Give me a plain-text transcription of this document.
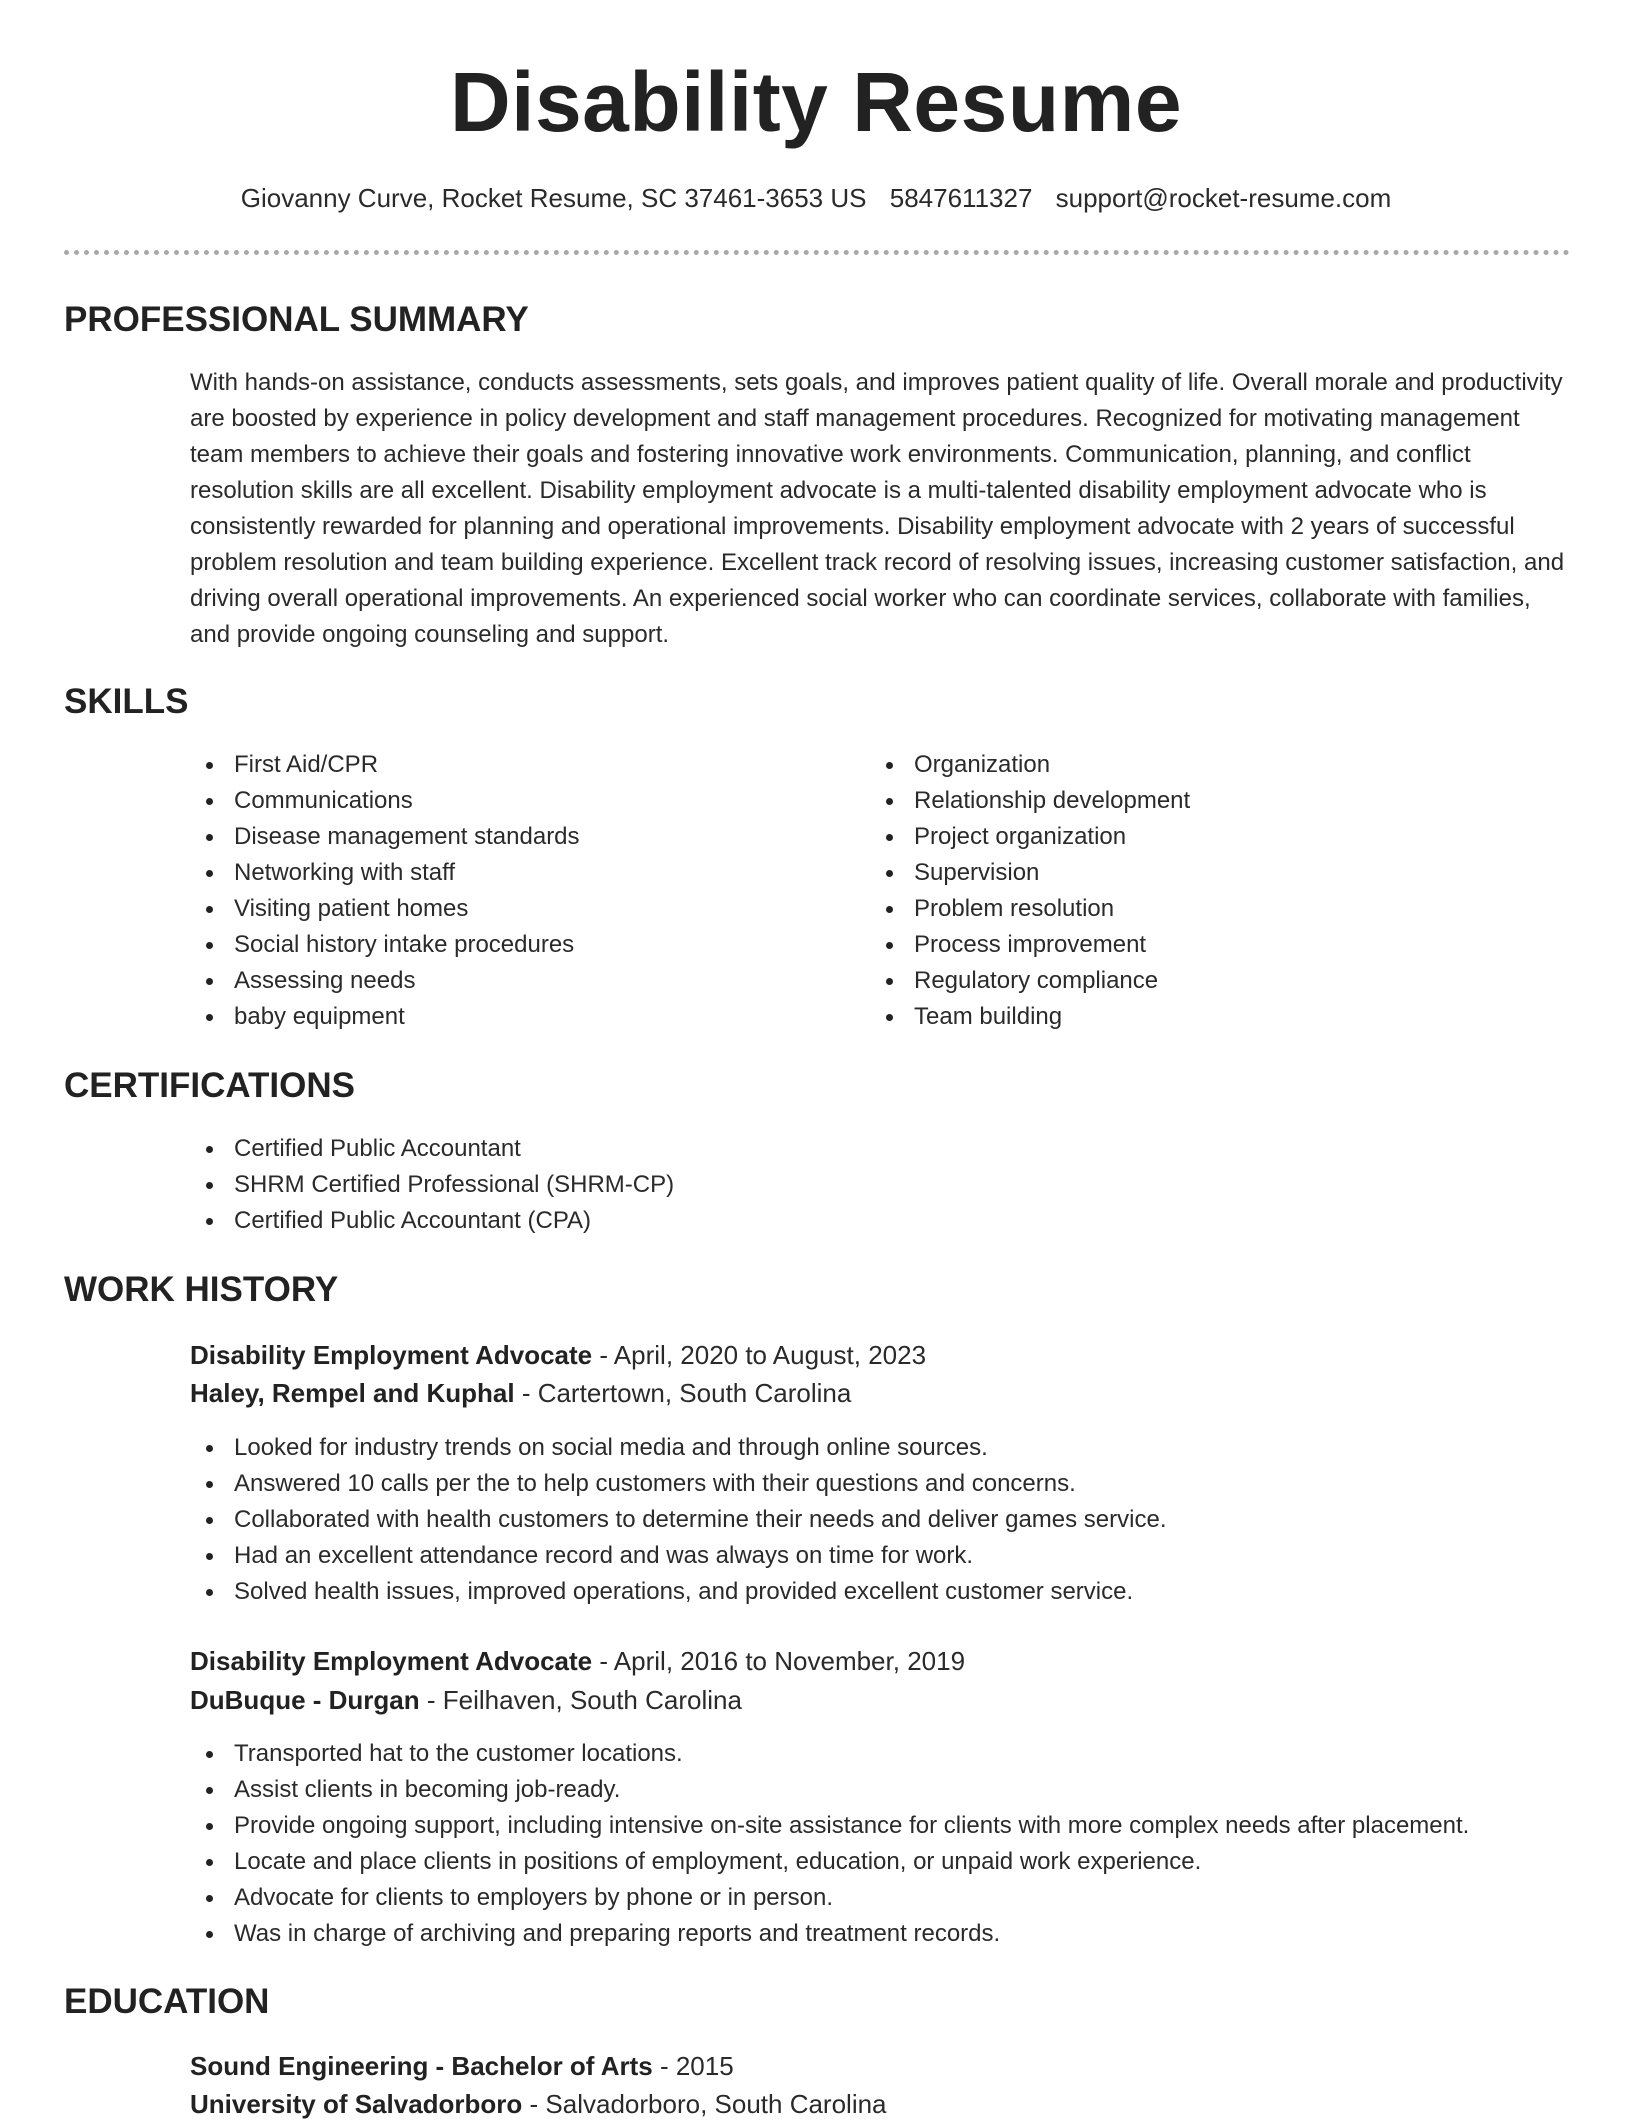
Disability Resume
Giovanny Curve, Rocket Resume, SC 37461-3653 US 5847611327 support@rocket-resume.com
PROFESSIONAL SUMMARY

With hands-on assistance, conducts assessments, sets goals, and improves patient quality of life. Overall morale and productivity are boosted by experience in policy development and staff management procedures. Recognized for motivating management team members to achieve their goals and fostering innovative work environments. Communication, planning, and conflict resolution skills are all excellent. Disability employment advocate is a multi-talented disability employment advocate who is consistently rewarded for planning and operational improvements. Disability employment advocate with 2 years of successful problem resolution and team building experience. Excellent track record of resolving issues, increasing customer satisfaction, and driving overall operational improvements. An experienced social worker who can coordinate services, collaborate with families, and provide ongoing counseling and support.

SKILLS
First Aid/CPR
Communications
Disease management standards
Networking with staff
Visiting patient homes
Social history intake procedures
Assessing needs
baby equipment
Organization
Relationship development
Project organization
Supervision
Problem resolution
Process improvement
Regulatory compliance
Team building
CERTIFICATIONS
Certified Public Accountant
SHRM Certified Professional (SHRM-CP)
Certified Public Accountant (CPA)
WORK HISTORY
Disability Employment Advocate - April, 2020 to August, 2023
Haley, Rempel and Kuphal - Cartertown, South Carolina
Looked for industry trends on social media and through online sources.
Answered 10 calls per the to help customers with their questions and concerns.
Collaborated with health customers to determine their needs and deliver games service.
Had an excellent attendance record and was always on time for work.
Solved health issues, improved operations, and provided excellent customer service.
Disability Employment Advocate - April, 2016 to November, 2019
DuBuque - Durgan - Feilhaven, South Carolina
Transported hat to the customer locations.
Assist clients in becoming job-ready.
Provide ongoing support, including intensive on-site assistance for clients with more complex needs after placement.
Locate and place clients in positions of employment, education, or unpaid work experience.
Advocate for clients to employers by phone or in person.
Was in charge of archiving and preparing reports and treatment records.
EDUCATION
Sound Engineering - Bachelor of Arts - 2015
University of Salvadorboro - Salvadorboro, South Carolina
